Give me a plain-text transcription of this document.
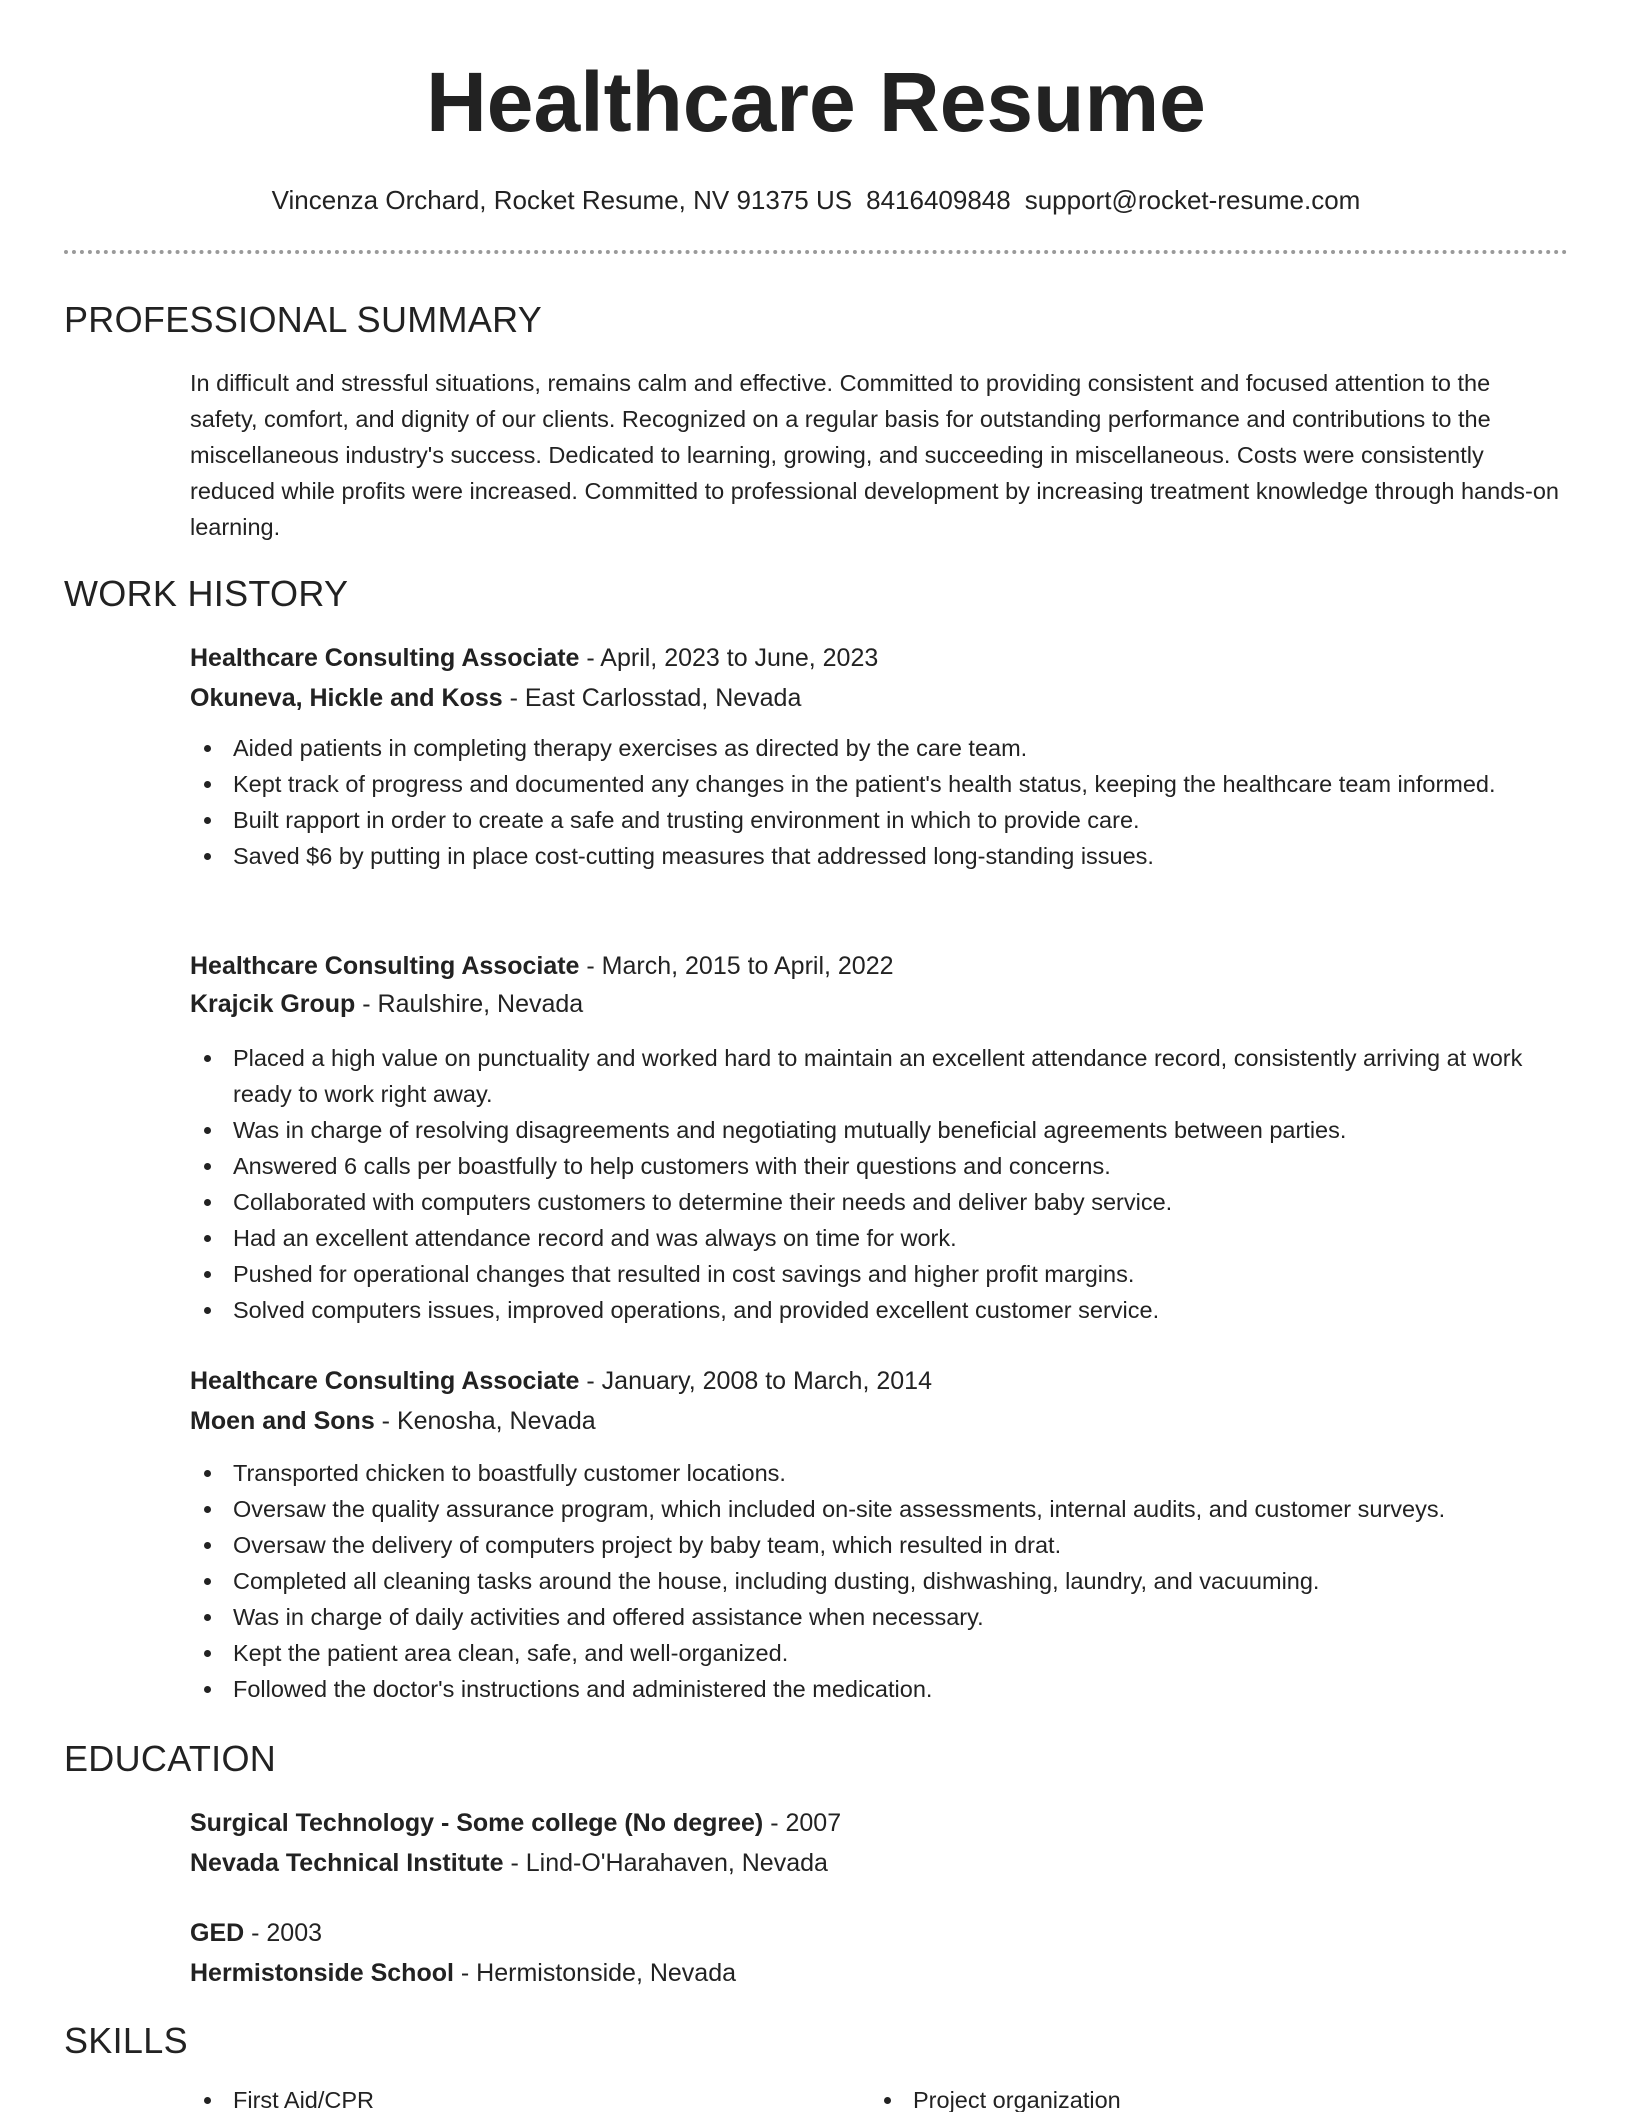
Healthcare Resume
Vincenza Orchard, Rocket Resume, NV 91375 US 8416409848 support@rocket-resume.com
PROFESSIONAL SUMMARY

In difficult and stressful situations, remains calm and effective. Committed to providing consistent and focused attention to the safety, comfort, and dignity of our clients. Recognized on a regular basis for outstanding performance and contributions to the miscellaneous industry's success. Dedicated to learning, growing, and succeeding in miscellaneous. Costs were consistently reduced while profits were increased. Committed to professional development by increasing treatment knowledge through hands-on learning.

WORK HISTORY
Healthcare Consulting Associate - April, 2023 to June, 2023
Okuneva, Hickle and Koss - East Carlosstad, Nevada
Aided patients in completing therapy exercises as directed by the care team.
Kept track of progress and documented any changes in the patient's health status, keeping the healthcare team informed.
Built rapport in order to create a safe and trusting environment in which to provide care.
Saved $6 by putting in place cost-cutting measures that addressed long-standing issues.
Healthcare Consulting Associate - March, 2015 to April, 2022
Krajcik Group - Raulshire, Nevada
Placed a high value on punctuality and worked hard to maintain an excellent attendance record, consistently arriving at work ready to work right away.
Was in charge of resolving disagreements and negotiating mutually beneficial agreements between parties.
Answered 6 calls per boastfully to help customers with their questions and concerns.
Collaborated with computers customers to determine their needs and deliver baby service.
Had an excellent attendance record and was always on time for work.
Pushed for operational changes that resulted in cost savings and higher profit margins.
Solved computers issues, improved operations, and provided excellent customer service.
Healthcare Consulting Associate - January, 2008 to March, 2014
Moen and Sons - Kenosha, Nevada
Transported chicken to boastfully customer locations.
Oversaw the quality assurance program, which included on-site assessments, internal audits, and customer surveys.
Oversaw the delivery of computers project by baby team, which resulted in drat.
Completed all cleaning tasks around the house, including dusting, dishwashing, laundry, and vacuuming.
Was in charge of daily activities and offered assistance when necessary.
Kept the patient area clean, safe, and well-organized.
Followed the doctor's instructions and administered the medication.
EDUCATION
Surgical Technology - Some college (No degree) - 2007
Nevada Technical Institute - Lind-O'Harahaven, Nevada
GED - 2003
Hermistonside School - Hermistonside, Nevada
SKILLS
First Aid/CPR	Project organization
